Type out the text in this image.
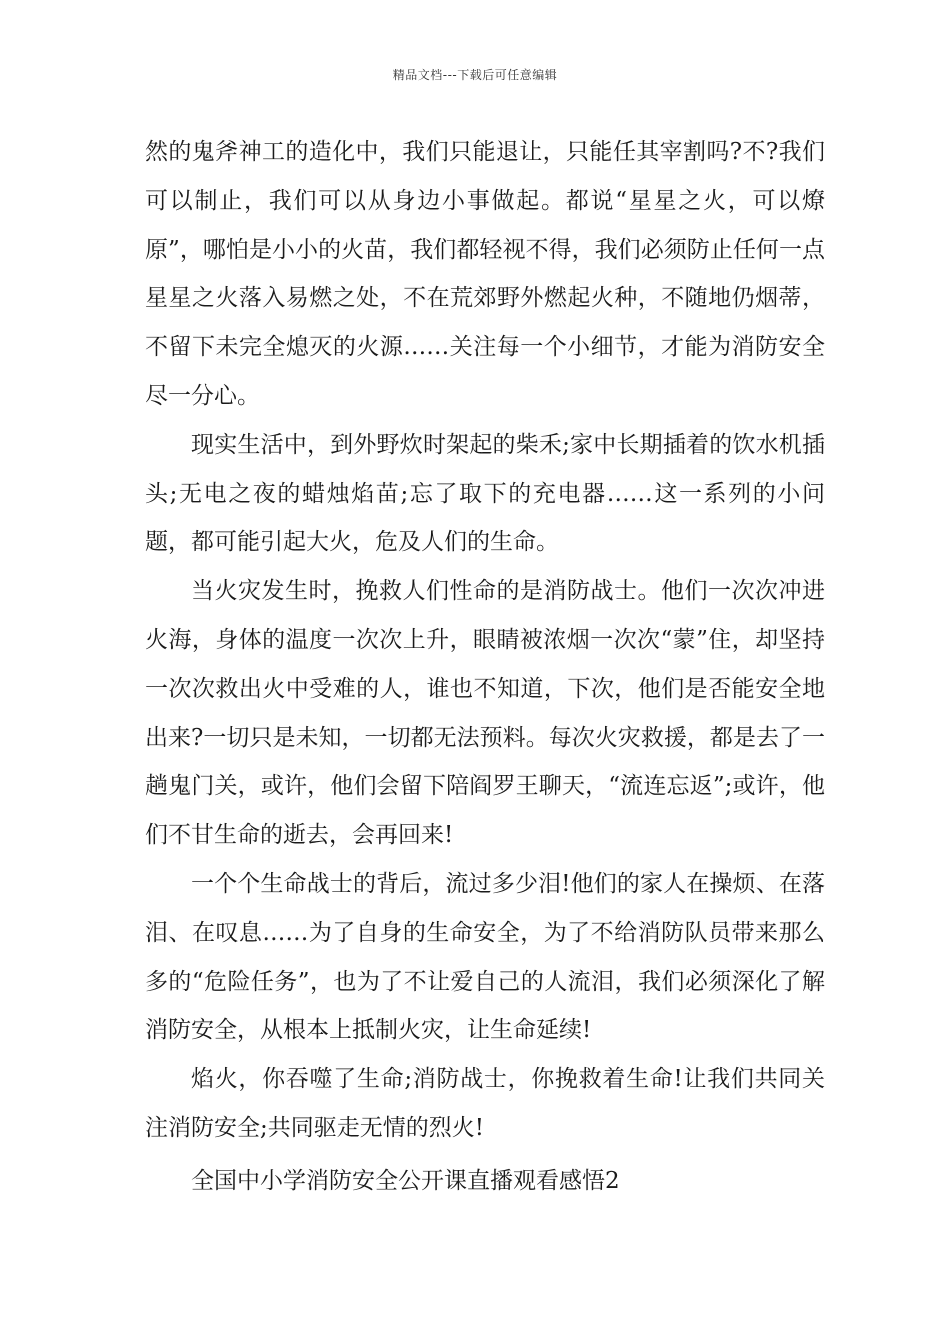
精品文档---下载后可任意编辑

然的鬼斧神工的造化中，我们只能退让，只能任其宰割吗?不?我们可以制止，我们可以从身边小事做起。都说“星星之火，可以燎原”，哪怕是小小的火苗，我们都轻视不得，我们必须防止任何一点星星之火落入易燃之处，不在荒郊野外燃起火种，不随地仍烟蒂，不留下未完全熄灭的火源……关注每一个小细节，才能为消防安全尽一分心。

现实生活中，到外野炊时架起的柴禾;家中长期插着的饮水机插头;无电之夜的蜡烛焰苗;忘了取下的充电器……这一系列的小问题，都可能引起大火，危及人们的生命。

当火灾发生时，挽救人们性命的是消防战士。他们一次次冲进火海，身体的温度一次次上升，眼睛被浓烟一次次“蒙”住，却坚持一次次救出火中受难的人，谁也不知道，下次，他们是否能安全地出来?一切只是未知，一切都无法预料。每次火灾救援，都是去了一趟鬼门关，或许，他们会留下陪阎罗王聊天，“流连忘返”;或许，他们不甘生命的逝去，会再回来!

一个个生命战士的背后，流过多少泪!他们的家人在操烦、在落泪、在叹息……为了自身的生命安全，为了不给消防队员带来那么多的“危险任务”，也为了不让爱自己的人流泪，我们必须深化了解消防安全，从根本上抵制火灾，让生命延续!

焰火，你吞噬了生命;消防战士，你挽救着生命!让我们共同关注消防安全;共同驱走无情的烈火!

全国中小学消防安全公开课直播观看感悟2
